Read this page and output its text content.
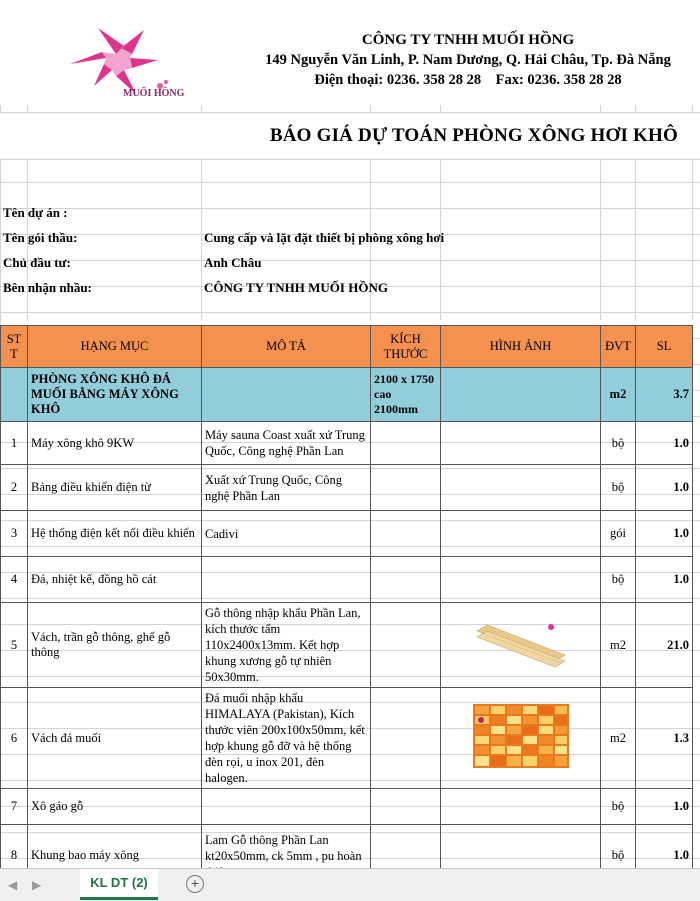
MUỐI HỒNG
CÔNG TY TNHH MUỐI HỒNG
149 Nguyễn Văn Linh, P. Nam Dương, Q. Hải Châu, Tp. Đà Nẵng
Điện thoại: 0236. 358 28 28    Fax: 0236. 358 28 28
BÁO GIÁ DỰ TOÁN PHÒNG XÔNG HƠI KHÔ
Tên dự án :
Tên gói thầu:	Cung cấp và lặt đặt thiết bị phòng xông hơi
Chủ đầu tư:	Anh Châu
Bên nhận nhầu:	CÔNG TY TNHH MUỐI HỒNG
ST T	HẠNG MỤC	MÔ TẢ	KÍCH THƯỚC	HÌNH ẢNH	ĐVT	SL
	PHÒNG XÔNG KHÔ ĐÁ MUỐI BẰNG MÁY XÔNG KHÔ		2100 x 1750 cao 2100mm		m2	3.7
1	Máy xông khô 9KW	Máy sauna Coast xuất xứ Trung Quốc, Công nghệ Phần Lan			bộ	1.0
2	Bảng điều khiển điện từ	Xuất xứ Trung Quốc, Công nghệ Phần Lan			bộ	1.0
3	Hệ thống điện kết nối điều khiển	Cadivi			gói	1.0
4	Đá, nhiệt kế, đồng hồ cát				bộ	1.0
5	Vách, trần gỗ thông, ghế gỗ thông	Gỗ thông nhập khẩu Phần Lan, kích thước tấm 110x2400x13mm. Kết hợp khung xương gỗ tự nhiên 50x30mm.			m2	21.0
6	Vách đá muối	Đá muối nhập khẩu HIMALAYA (Pakistan), Kích thước viên 200x100x50mm, kết hợp khung gỗ đỡ và hệ thống đèn rọi, u inox 201, đèn halogen.			m2	1.3
7	Xô gáo gỗ				bộ	1.0
8	Khung bao máy xông	Lam Gỗ thông Phần Lan kt20x50mm, ck 5mm , pu hoàn			bộ	1.0
◀ ▶	KL DT (2)	+
